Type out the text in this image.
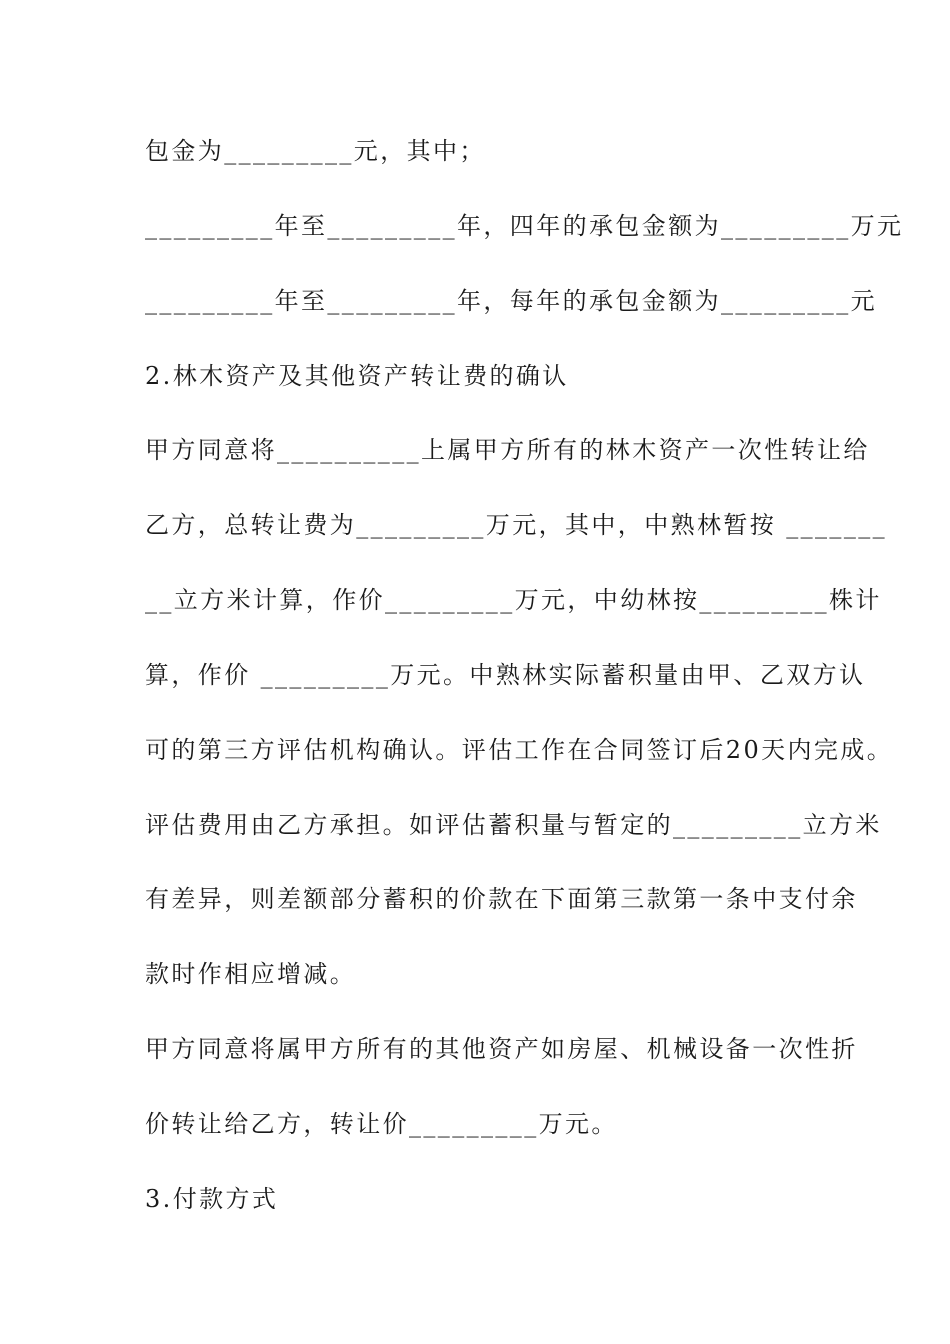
包金为_________元，其中；
_________年至_________年，四年的承包金额为_________万元
_________年至_________年，每年的承包金额为_________元
2.林木资产及其他资产转让费的确认
甲方同意将__________上属甲方所有的林木资产一次性转让给
乙方，总转让费为_________万元，其中，中熟林暂按 _______
__立方米计算，作价_________万元，中幼林按_________株计
算，作价 _________万元。中熟林实际蓄积量由甲、乙双方认
可的第三方评估机构确认。评估工作在合同签订后20天内完成。
评估费用由乙方承担。如评估蓄积量与暂定的_________立方米
有差异，则差额部分蓄积的价款在下面第三款第一条中支付余
款时作相应增减。
甲方同意将属甲方所有的其他资产如房屋、机械设备一次性折
价转让给乙方，转让价_________万元。
3.付款方式
